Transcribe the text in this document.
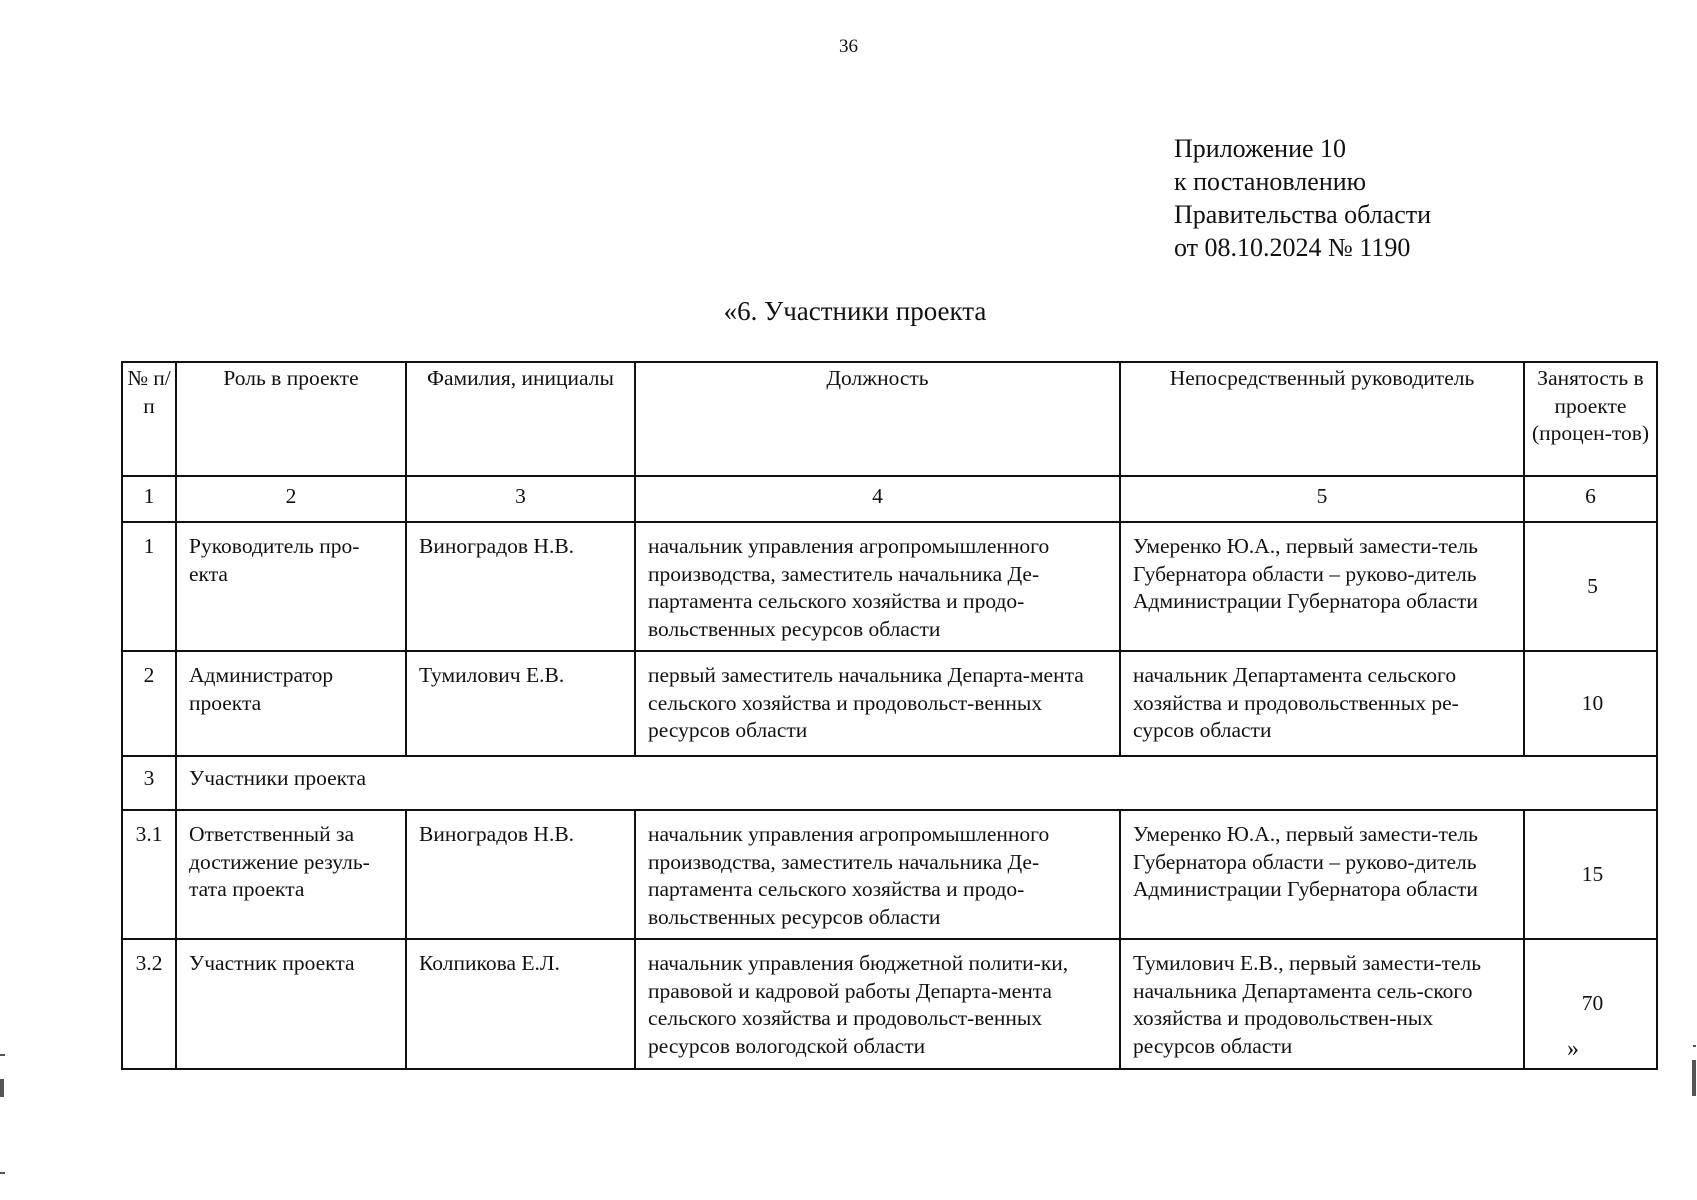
36
Приложение 10
к постановлению
Правительства области
от 08.10.2024 № 1190
«6. Участники проекта
№ п/п	Роль в проекте	Фамилия, инициалы	Должность	Непосредственный руководитель	Занятость в проекте (процен-тов)
1	2	3	4	5	6
1	Руководитель про-екта	Виноградов Н.В.	начальник управления агропромышленного производства, заместитель начальника Де-партамента сельского хозяйства и продо-вольственных ресурсов области	Умеренко Ю.А., первый замести-тель Губернатора области – руково-дитель Администрации Губернатора области	5
2	Администратор проекта	Тумилович Е.В.	первый заместитель начальника Департа-мента сельского хозяйства и продовольст-венных ресурсов области	начальник Департамента сельского хозяйства и продовольственных ре-сурсов области	10
3	Участники проекта				
3.1	Ответственный за достижение резуль-тата проекта	Виноградов Н.В.	начальник управления агропромышленного производства, заместитель начальника Де-партамента сельского хозяйства и продо-вольственных ресурсов области	Умеренко Ю.А., первый замести-тель Губернатора области – руково-дитель Администрации Губернатора области	15
3.2	Участник проекта	Колпикова Е.Л.	начальник управления бюджетной полити-ки, правовой и кадровой работы Департа-мента сельского хозяйства и продовольст-венных ресурсов вологодской области	Тумилович Е.В., первый замести-тель начальника Департамента сель-ского хозяйства и продовольствен-ных ресурсов области	70
»
